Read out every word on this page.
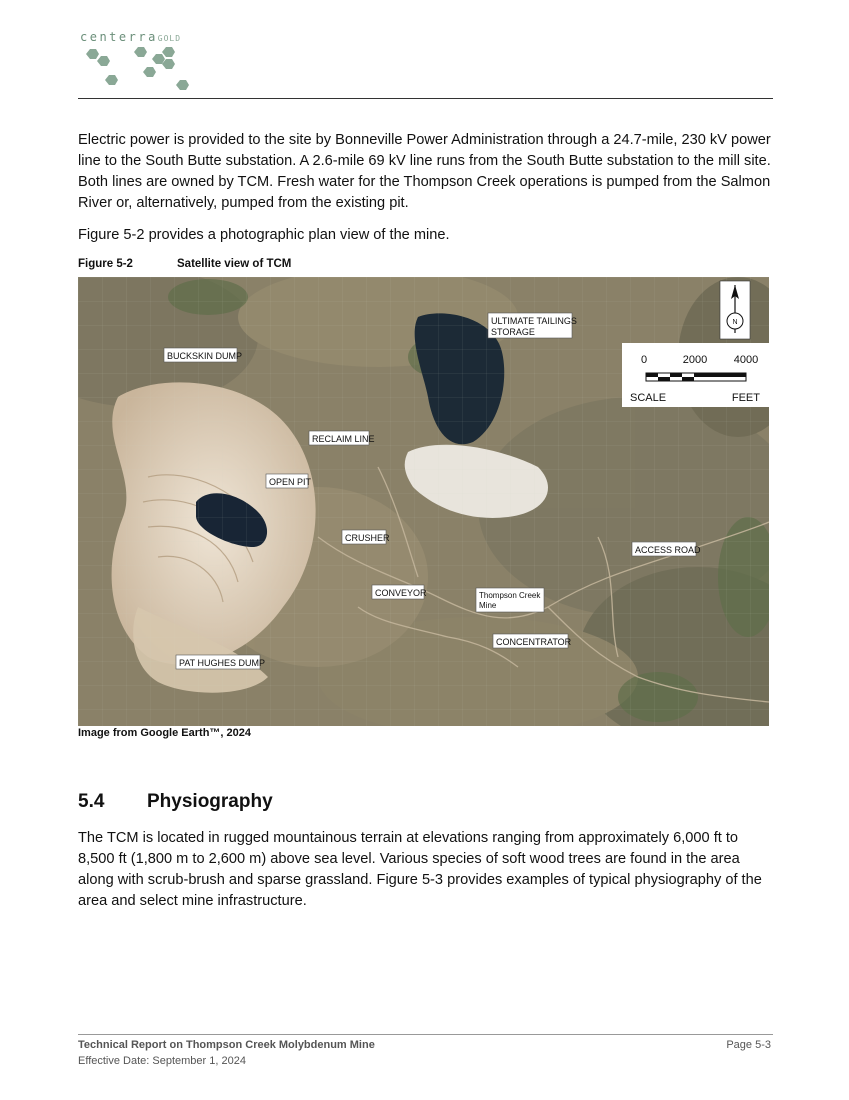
centerraGOLD

Electric power is provided to the site by Bonneville Power Administration through a 24.7-mile, 230 kV power line to the South Butte substation. A 2.6-mile 69 kV line runs from the South Butte substation to the mill site. Both lines are owned by TCM. Fresh water for the Thompson Creek operations is pumped from the Salmon River or, alternatively, pumped from the existing pit.

Figure 5-2 provides a photographic plan view of the mine.

Figure 5-2	Satellite view of TCM
N
0	2000 4000
SCALE	FEET
ULTIMATE TAILINGS
STORAGE
BUCKSKIN DUMP
RECLAIM LINE
OPEN PIT
CRUSHER
CONVEYOR	Thompson Creek
Mine
CONCENTRATOR
ACCESS ROAD
PAT HUGHES DUMP
Image from Google Earth™, 2024
5.4 Physiography

The TCM is located in rugged mountainous terrain at elevations ranging from approximately 6,000 ft to 8,500 ft (1,800 m to 2,600 m) above sea level. Various species of soft wood trees are found in the area along with scrub-brush and sparse grassland. Figure 5-3 provides examples of typical physiography of the area and select mine infrastructure.

Technical Report on Thompson Creek Molybdenum Mine
Effective Date: September 1, 2024
Page 5-3
